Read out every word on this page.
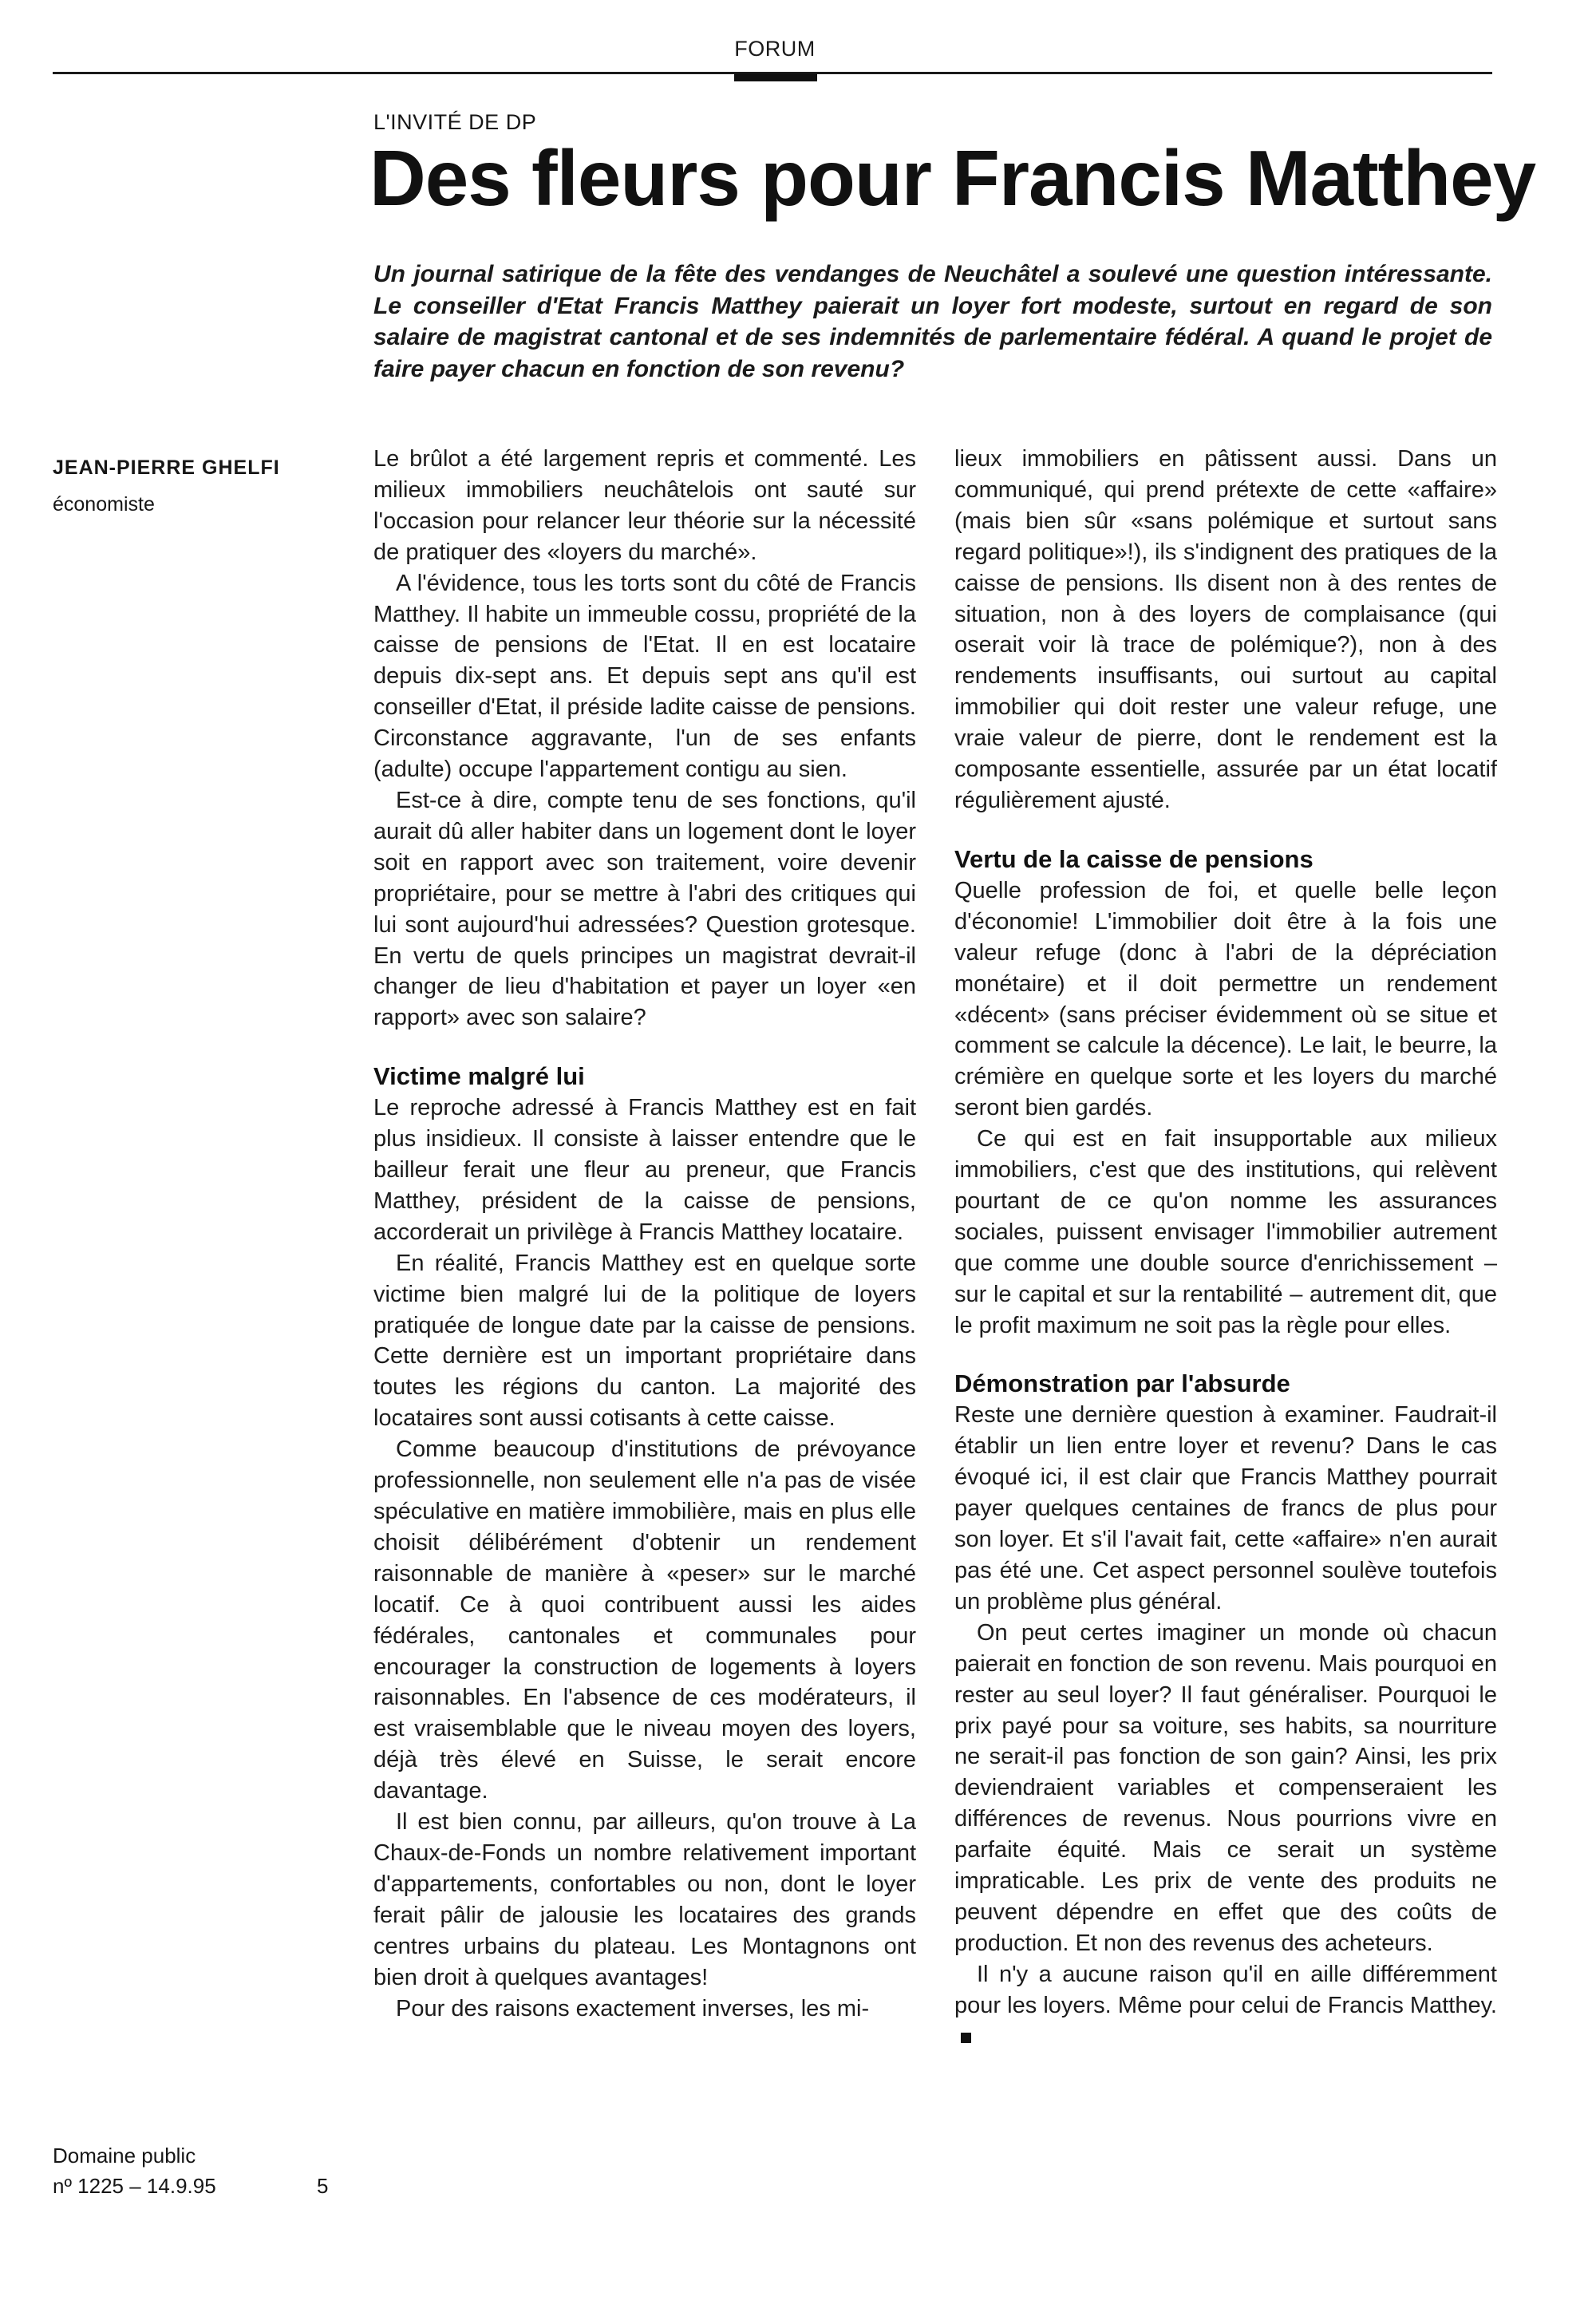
FORUM
L'INVITÉ DE DP
Des fleurs pour Francis Matthey

Un journal satirique de la fête des vendanges de Neuchâtel a soulevé une question intéressante. Le conseiller d'Etat Francis Matthey paierait un loyer fort modeste, surtout en regard de son salaire de magistrat cantonal et de ses indemnités de parlementaire fédéral. A quand le projet de faire payer chacun en fonction de son revenu?

JEAN-PIERRE GHELFI
économiste

Le brûlot a été largement repris et commenté. Les milieux immobiliers neuchâtelois ont sauté sur l'occasion pour relancer leur théorie sur la nécessité de pratiquer des «loyers du marché».

A l'évidence, tous les torts sont du côté de Francis Matthey. Il habite un immeuble cossu, propriété de la caisse de pensions de l'Etat. Il en est locataire depuis dix-sept ans. Et depuis sept ans qu'il est conseiller d'Etat, il préside ladite caisse de pensions. Circonstance aggravante, l'un de ses enfants (adulte) occupe l'appartement contigu au sien.

Est-ce à dire, compte tenu de ses fonctions, qu'il aurait dû aller habiter dans un logement dont le loyer soit en rapport avec son traitement, voire devenir propriétaire, pour se mettre à l'abri des critiques qui lui sont aujourd'hui adressées? Question grotesque. En vertu de quels principes un magistrat devrait-il changer de lieu d'habitation et payer un loyer «en rapport» avec son salaire?

Victime malgré lui

Le reproche adressé à Francis Matthey est en fait plus insidieux. Il consiste à laisser entendre que le bailleur ferait une fleur au preneur, que Francis Matthey, président de la caisse de pensions, accorderait un privilège à Francis Matthey locataire.

En réalité, Francis Matthey est en quelque sorte victime bien malgré lui de la politique de loyers pratiquée de longue date par la caisse de pensions. Cette dernière est un important propriétaire dans toutes les régions du canton. La majorité des locataires sont aussi cotisants à cette caisse.

Comme beaucoup d'institutions de prévoyance professionnelle, non seulement elle n'a pas de visée spéculative en matière immobilière, mais en plus elle choisit délibérément d'obtenir un rendement raisonnable de manière à «peser» sur le marché locatif. Ce à quoi contribuent aussi les aides fédérales, cantonales et communales pour encourager la construction de logements à loyers raisonnables. En l'absence de ces modérateurs, il est vraisemblable que le niveau moyen des loyers, déjà très élevé en Suisse, le serait encore davantage.

Il est bien connu, par ailleurs, qu'on trouve à La Chaux-de-Fonds un nombre relativement important d'appartements, confortables ou non, dont le loyer ferait pâlir de jalousie les locataires des grands centres urbains du plateau. Les Montagnons ont bien droit à quelques avantages!

Pour des raisons exactement inverses, les mi-

lieux immobiliers en pâtissent aussi. Dans un communiqué, qui prend prétexte de cette «affaire» (mais bien sûr «sans polémique et surtout sans regard politique»!), ils s'indignent des pratiques de la caisse de pensions. Ils disent non à des rentes de situation, non à des loyers de complaisance (qui oserait voir là trace de polémique?), non à des rendements insuffisants, oui surtout au capital immobilier qui doit rester une valeur refuge, une vraie valeur de pierre, dont le rendement est la composante essentielle, assurée par un état locatif régulièrement ajusté.

Vertu de la caisse de pensions

Quelle profession de foi, et quelle belle leçon d'économie! L'immobilier doit être à la fois une valeur refuge (donc à l'abri de la dépréciation monétaire) et il doit permettre un rendement «décent» (sans préciser évidemment où se situe et comment se calcule la décence). Le lait, le beurre, la crémière en quelque sorte et les loyers du marché seront bien gardés.

Ce qui est en fait insupportable aux milieux immobiliers, c'est que des institutions, qui relèvent pourtant de ce qu'on nomme les assurances sociales, puissent envisager l'immobilier autrement que comme une double source d'enrichissement – sur le capital et sur la rentabilité – autrement dit, que le profit maximum ne soit pas la règle pour elles.

Démonstration par l'absurde

Reste une dernière question à examiner. Faudrait-il établir un lien entre loyer et revenu? Dans le cas évoqué ici, il est clair que Francis Matthey pourrait payer quelques centaines de francs de plus pour son loyer. Et s'il l'avait fait, cette «affaire» n'en aurait pas été une. Cet aspect personnel soulève toutefois un problème plus général.

On peut certes imaginer un monde où chacun paierait en fonction de son revenu. Mais pourquoi en rester au seul loyer? Il faut généraliser. Pourquoi le prix payé pour sa voiture, ses habits, sa nourriture ne serait-il pas fonction de son gain? Ainsi, les prix deviendraient variables et compenseraient les différences de revenus. Nous pourrions vivre en parfaite équité. Mais ce serait un système impraticable. Les prix de vente des produits ne peuvent dépendre en effet que des coûts de production. Et non des revenus des acheteurs.

Il n'y a aucune raison qu'il en aille différemment pour les loyers. Même pour celui de Francis Matthey.

Domaine public
nº 1225 – 14.9.95	5
